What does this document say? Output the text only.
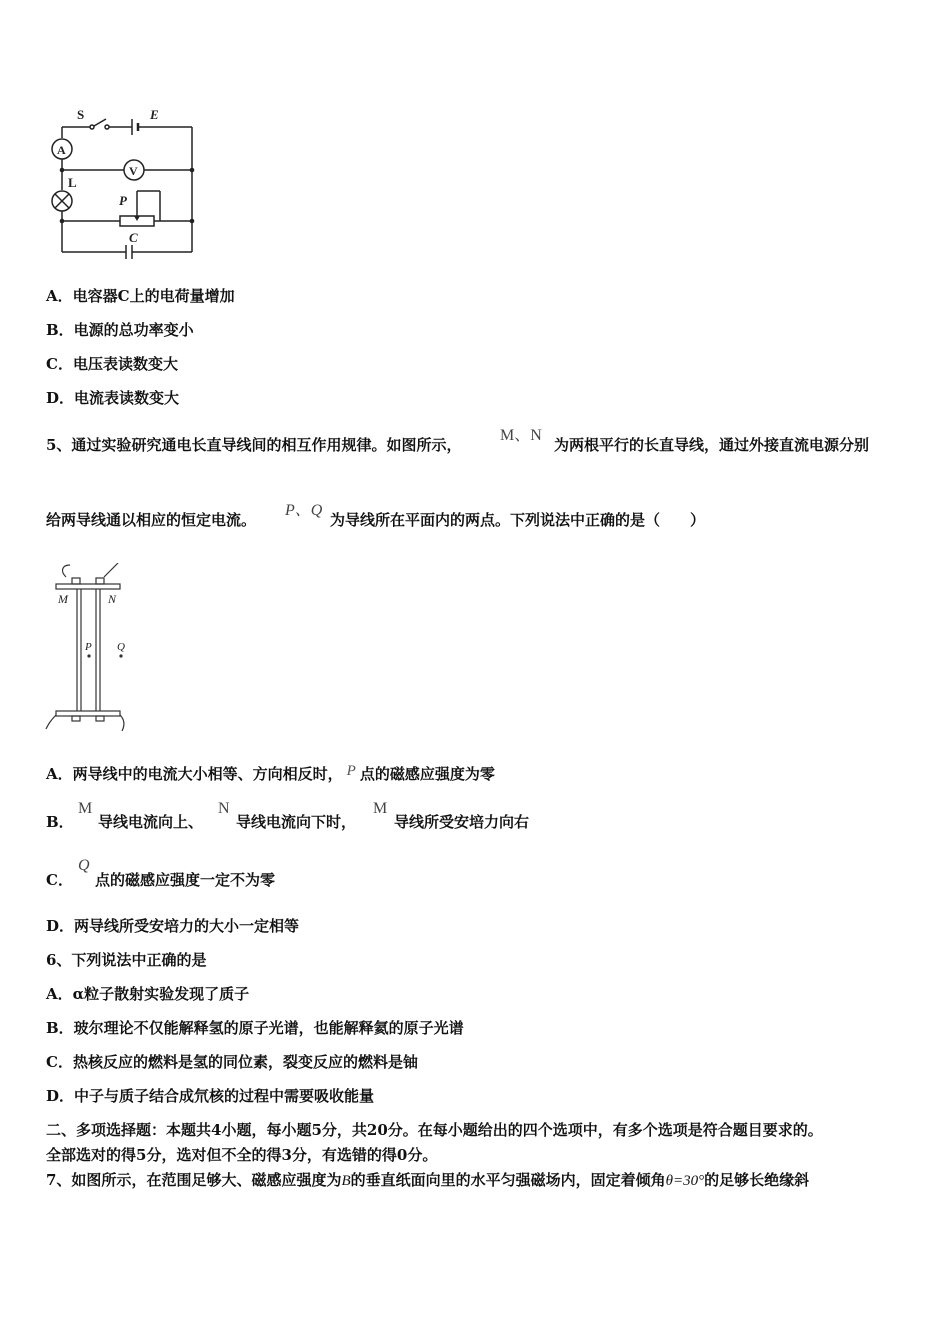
S	E
A
V
L
P
C
A．电容器C上的电荷量增加
B．电源的总功率变小
C．电压表读数变大
D．电流表读数变大
5、通过实验研究通电长直导线间的相互作用规律。如图所示，
M、N
为两根平行的长直导线，通过外接直流电源分别
给两导线通以相应的恒定电流。
P、Q
为导线所在平面内的两点。下列说法中正确的是（　　）
M	N
P Q
A．两导线中的电流大小相等、方向相反时， P 点的磁感应强度为零
B．
M
导线电流向上、
N
导线电流向下时，
M
导线所受安培力向右
C．
Q
点的磁感应强度一定不为零
D．两导线所受安培力的大小一定相等
6、下列说法中正确的是
A．α粒子散射实验发现了质子
B．玻尔理论不仅能解释氢的原子光谱，也能解释氦的原子光谱
C．热核反应的燃料是氢的同位素，裂变反应的燃料是铀
D．中子与质子结合成氘核的过程中需要吸收能量
二、多项选择题：本题共4小题，每小题5分，共20分。在每小题给出的四个选项中，有多个选项是符合题目要求的。
全部选对的得5分，选对但不全的得3分，有选错的得0分。
7、如图所示，在范围足够大、磁感应强度为B的垂直纸面向里的水平匀强磁场内，固定着倾角θ=30°的足够长绝缘斜
